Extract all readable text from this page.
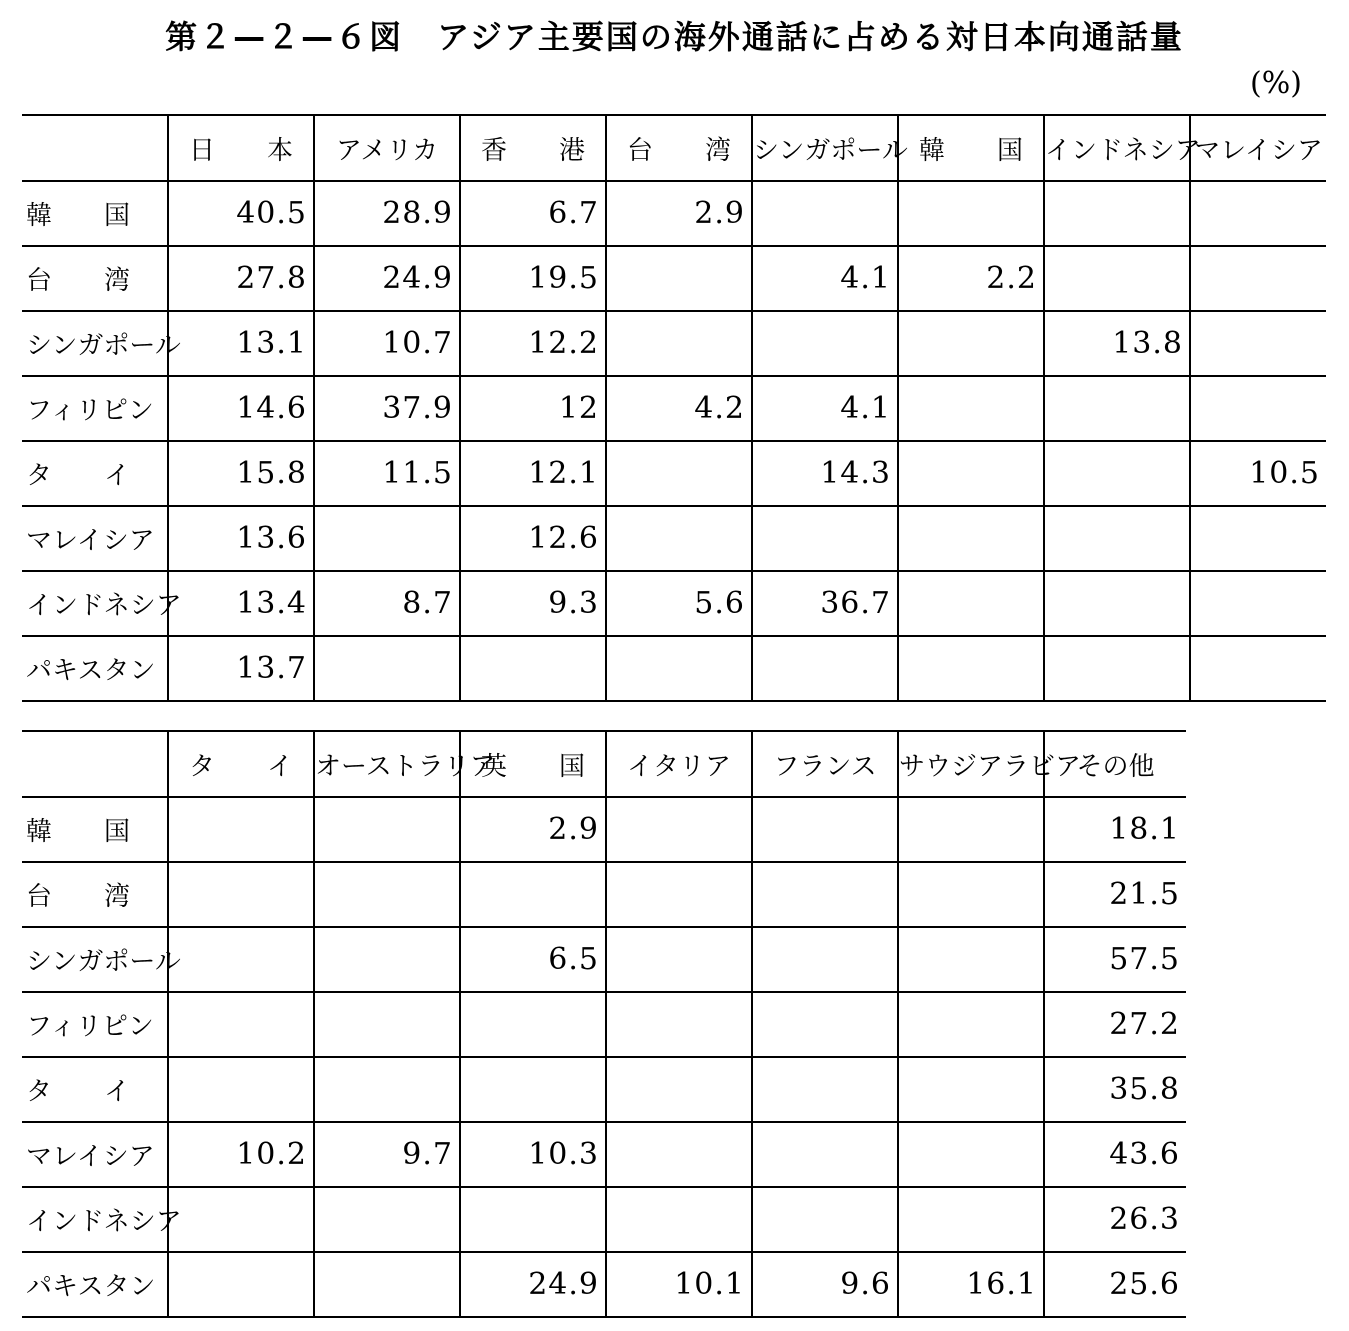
第２—２—６図　アジア主要国の海外通話に占める対日本向通話量
(%)
	日　　本	アメリカ	香　　港	台　　湾	シンガポール	韓　　国	インドネシア	マレイシア
韓　　国	40.5	28.9	6.7	2.9				
台　　湾	27.8	24.9	19.5		4.1	2.2		
シンガポール	13.1	10.7	12.2				13.8	
フィリピン	14.6	37.9	12	4.2	4.1			
タ　　イ	15.8	11.5	12.1		14.3			10.5
マレイシア	13.6		12.6					
インドネシア	13.4	8.7	9.3	5.6	36.7			
パキスタン	13.7							
	タ　　イ	オーストラリア	英　　国	イタリア	フランス	サウジアラビア	その他
韓　　国			2.9				18.1
台　　湾							21.5
シンガポール			6.5				57.5
フィリピン							27.2
タ　　イ							35.8
マレイシア	10.2	9.7	10.3				43.6
インドネシア							26.3
パキスタン			24.9	10.1	9.6	16.1	25.6
